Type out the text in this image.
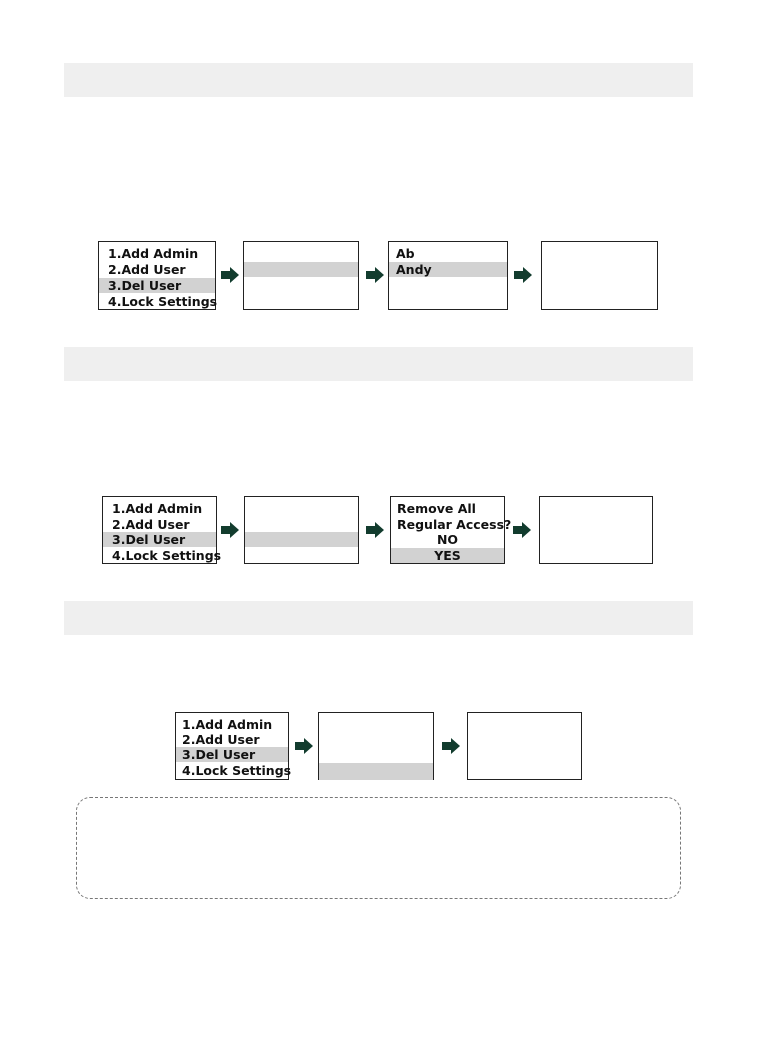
1.Add Admin
2.Add User
3.Del User
4.Lock Settings
Ab
Andy
1.Add Admin
2.Add User
3.Del User
4.Lock Settings
Remove All
Regular Access?
NO
YES
1.Add Admin
2.Add User
3.Del User
4.Lock Settings
